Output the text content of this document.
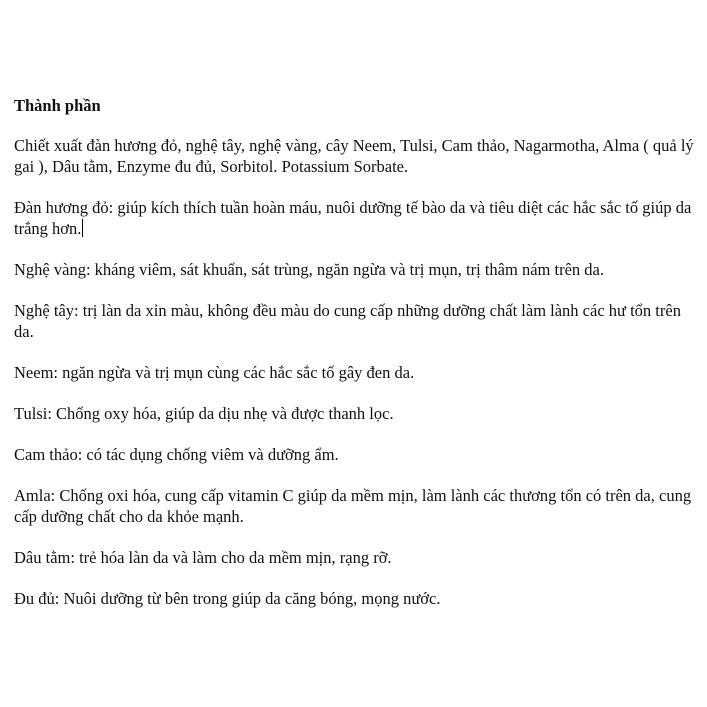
Thành phần
Chiết xuất đàn hương đỏ, nghệ tây, nghệ vàng, cây Neem, Tulsi, Cam thảo, Nagarmotha, Alma ( quả lý gai ), Dâu tằm, Enzyme đu đủ, Sorbitol. Potassium Sorbate.
Đàn hương đỏ: giúp kích thích tuần hoàn máu, nuôi dưỡng tế bào da và tiêu diệt các hắc sắc tố giúp da trắng hơn.
Nghệ vàng: kháng viêm, sát khuẩn, sát trùng, ngăn ngừa và trị mụn, trị thâm nám trên da.
Nghệ tây: trị làn da xỉn màu, không đều màu do cung cấp những dưỡng chất làm lành các hư tổn trên da.
Neem: ngăn ngừa và trị mụn cùng các hắc sắc tố gây đen da.
Tulsi: Chống oxy hóa, giúp da dịu nhẹ và được thanh lọc.
Cam thảo: có tác dụng chống viêm và dưỡng ẩm.
Amla: Chống oxi hóa, cung cấp vitamin C giúp da mềm mịn, làm lành các thương tổn có trên da, cung cấp dưỡng chất cho da khỏe mạnh.
Dâu tằm: trẻ hóa làn da và làm cho da mềm mịn, rạng rỡ.
Đu đủ: Nuôi dưỡng từ bên trong giúp da căng bóng, mọng nước.
